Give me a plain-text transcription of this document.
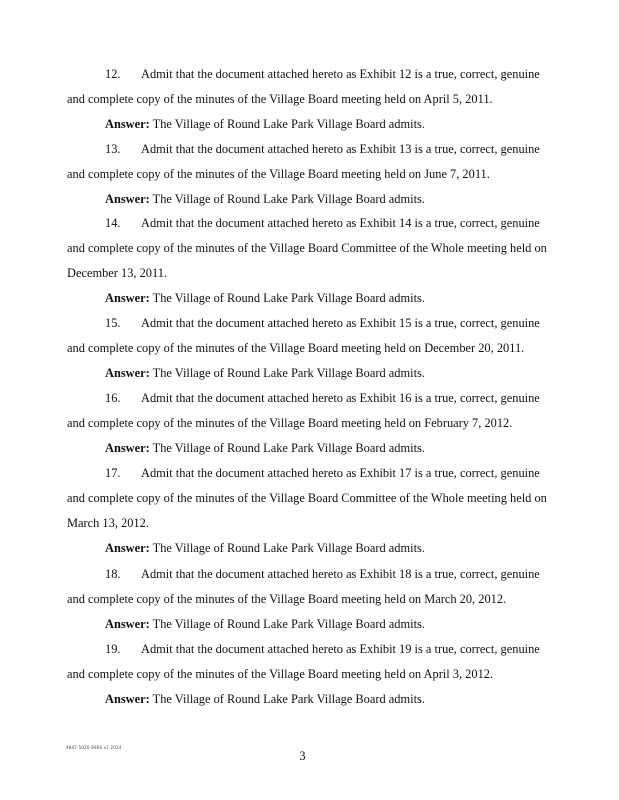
12. Admit that the document attached hereto as Exhibit 12 is a true, correct, genuine
and complete copy of the minutes of the Village Board meeting held on April 5, 2011.
Answer: The Village of Round Lake Park Village Board admits.
13. Admit that the document attached hereto as Exhibit 13 is a true, correct, genuine
and complete copy of the minutes of the Village Board meeting held on June 7, 2011.
Answer: The Village of Round Lake Park Village Board admits.
14. Admit that the document attached hereto as Exhibit 14 is a true, correct, genuine
and complete copy of the minutes of the Village Board Committee of the Whole meeting held on
December 13, 2011.
Answer: The Village of Round Lake Park Village Board admits.
15. Admit that the document attached hereto as Exhibit 15 is a true, correct, genuine
and complete copy of the minutes of the Village Board meeting held on December 20, 2011.
Answer: The Village of Round Lake Park Village Board admits.
16. Admit that the document attached hereto as Exhibit 16 is a true, correct, genuine
and complete copy of the minutes of the Village Board meeting held on February 7, 2012.
Answer: The Village of Round Lake Park Village Board admits.
17. Admit that the document attached hereto as Exhibit 17 is a true, correct, genuine
and complete copy of the minutes of the Village Board Committee of the Whole meeting held on
March 13, 2012.
Answer: The Village of Round Lake Park Village Board admits.
18. Admit that the document attached hereto as Exhibit 18 is a true, correct, genuine
and complete copy of the minutes of the Village Board meeting held on March 20, 2012.
Answer: The Village of Round Lake Park Village Board admits.
19. Admit that the document attached hereto as Exhibit 19 is a true, correct, genuine
and complete copy of the minutes of the Village Board meeting held on April 3, 2012.
Answer: The Village of Round Lake Park Village Board admits.
4847-5020-8966 v1 2014
3
